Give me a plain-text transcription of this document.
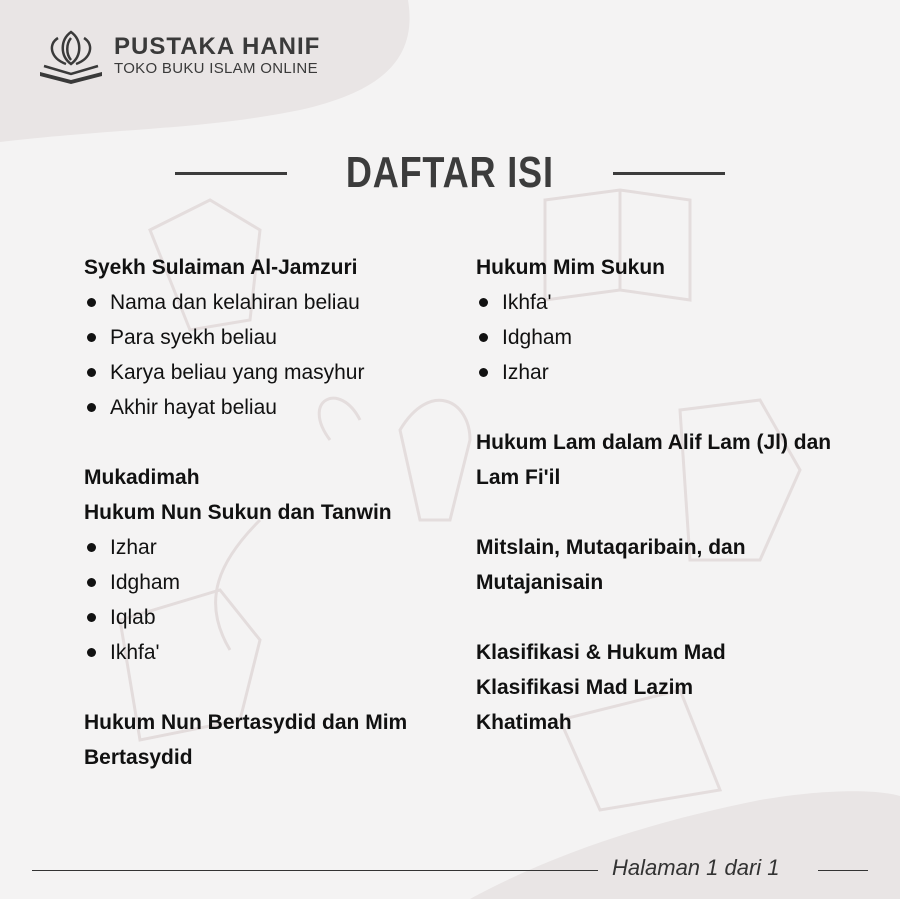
PUSTAKA HANIF
TOKO BUKU ISLAM ONLINE
DAFTAR ISI
Syekh Sulaiman Al-Jamzuri
Nama dan kelahiran beliau
Para syekh beliau
Karya beliau yang masyhur
Akhir hayat beliau
Mukadimah
Hukum Nun Sukun dan Tanwin
Izhar
Idgham
Iqlab
Ikhfa'
Hukum Nun Bertasydid dan Mim Bertasydid
Hukum Mim Sukun
Ikhfa'
Idgham
Izhar
Hukum Lam dalam Alif Lam (Jl) dan Lam Fi'il
Mitslain, Mutaqaribain, dan Mutajanisain
Klasifikasi & Hukum Mad
Klasifikasi Mad Lazim
Khatimah
Halaman 1 dari 1
